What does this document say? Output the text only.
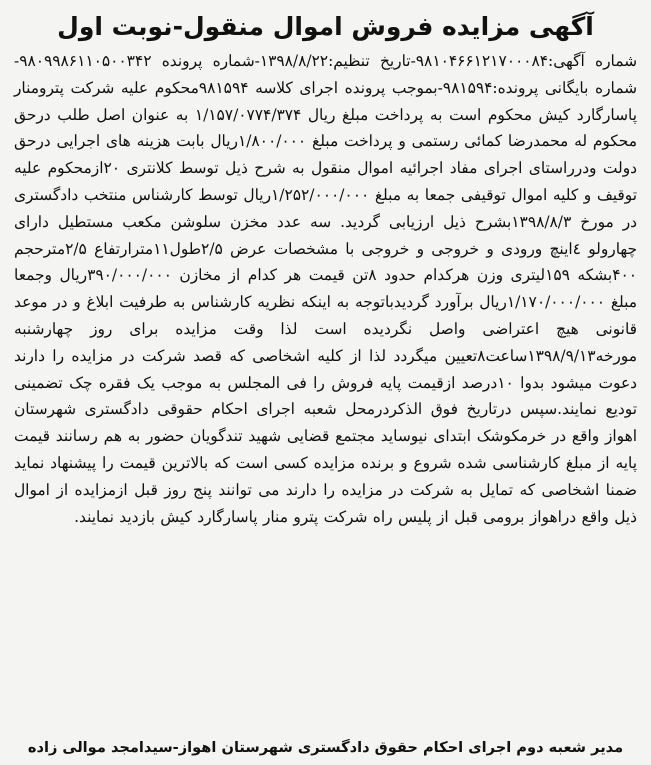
آگهی مزایده فروش اموال منقول-نوبت اول

شماره آگهی:۹۸۱۰۴۶۶۱۲۱۷۰۰۰۸۴-تاریخ تنظیم:۱۳۹۸/۸/۲۲-شماره پرونده ۹۸۰۹۹۸۶۱۱۰۵۰۰۳۴۲-شماره بایگانی پرونده:۹۸۱۵۹۴-بموجب پرونده اجرای کلاسه ۹۸۱۵۹۴محکوم علیه شرکت پترومنار پاسارگارد کیش محکوم است به پرداخت مبلغ ریال ۱/۱۵۷/۰۷۷۴/۳۷۴ به عنوان اصل طلب درحق محکوم له محمدرضا کمائی رستمی و پرداخت مبلغ ۱/۸۰۰/۰۰۰ریال بابت هزینه های اجرایی درحق دولت ودرراستای اجرای مفاد اجرائیه اموال منقول به شرح ذیل توسط کلانتری ۲۰ازمحکوم علیه توقیف و کلیه اموال توقیفی جمعا به مبلغ ۱/۲۵۲/۰۰۰/۰۰۰ریال توسط کارشناس منتخب دادگستری در مورخ ۱۳۹۸/۸/۳بشرح ذیل ارزیابی گردید. سه عدد مخزن سلوشن مکعب مستطیل دارای چهارولو ٤اینچ ورودی و خروجی و خروجی با مشخصات عرض ۲/۵طول۱۱مترارتفاع ۲/۵مترحجم ۴۰۰بشکه ۱۵۹لیتری وزن هرکدام حدود ۸تن قیمت هر کدام از مخازن ۳۹۰/۰۰۰/۰۰۰ریال وجمعا مبلغ ۱/۱۷۰/۰۰۰/۰۰۰ریال برآورد گردیدباتوجه به اینکه نظریه کارشناس به طرفیت ابلاغ و در موعد قانونی هیچ اعتراضی واصل نگردیده است لذا وقت مزایده برای روز چهارشنبه مورخه۱۳۹۸/۹/۱۳ساعت۸تعیین میگردد لذا از کلیه اشخاصی که قصد شرکت در مزایده را دارند دعوت میشود بدوا ۱۰درصد ازقیمت پایه فروش را فی المجلس به موجب یک فقره چک تضمینی تودیع نمایند.سپس درتاریخ فوق الذکردرمحل شعبه اجرای احکام حقوقی دادگستری شهرستان اهواز واقع در خرمکوشک ابتدای نیوساید مجتمع قضایی شهید تندگویان حضور به هم رسانند قیمت پایه از مبلغ کارشناسی شده شروع و برنده مزایده کسی است که بالاترین قیمت را پیشنهاد نماید ضمنا اشخاصی که تمایل به شرکت در مزایده را دارند می توانند پنج روز قبل ازمزایده از اموال ذیل واقع دراهواز برومی قبل از پلیس راه شرکت پترو منار پاسارگارد کیش بازدید نمایند.

مدیر شعبه دوم اجرای احکام حقوق دادگستری شهرستان اهواز-سیدامجد موالی زاده
